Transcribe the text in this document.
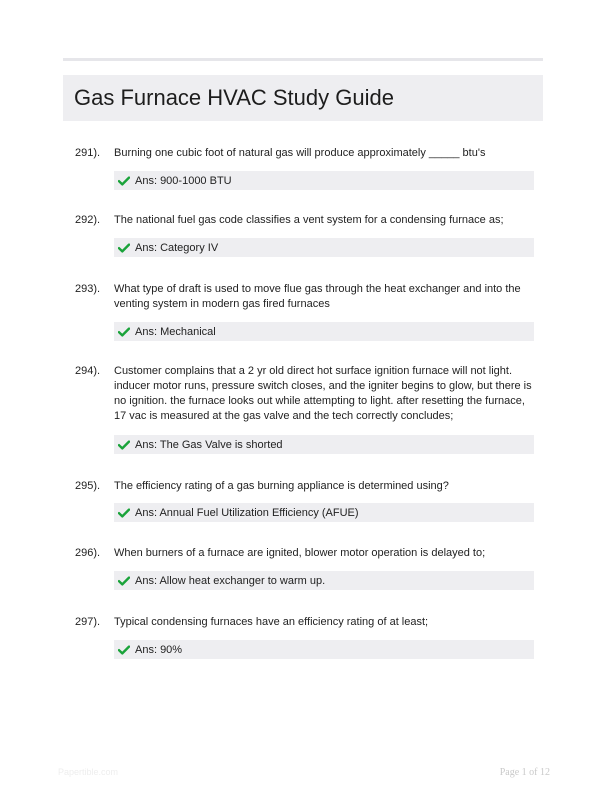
Gas Furnace HVAC Study Guide
291). Burning one cubic foot of natural gas will produce approximately _____ btu's

Ans: 900-1000 BTU
292). The national fuel gas code classifies a vent system for a condensing furnace as;

Ans: Category IV
293). What type of draft is used to move flue gas through the heat exchanger and into the venting system in modern gas fired furnaces

Ans: Mechanical
294). Customer complains that a 2 yr old direct hot surface ignition furnace will not light. inducer motor runs, pressure switch closes, and the igniter begins to glow, but there is no ignition. the furnace looks out while attempting to light. after resetting the furnace, 17 vac is measured at the gas valve and the tech correctly concludes;

Ans: The Gas Valve is shorted
295). The efficiency rating of a gas burning appliance is determined using?

Ans: Annual Fuel Utilization Efficiency (AFUE)
296). When burners of a furnace are ignited, blower motor operation is delayed to;

Ans: Allow heat exchanger to warm up.
297). Typical condensing furnaces have an efficiency rating of at least;

Ans: 90%
Papertible.com	Page 1 of 12
